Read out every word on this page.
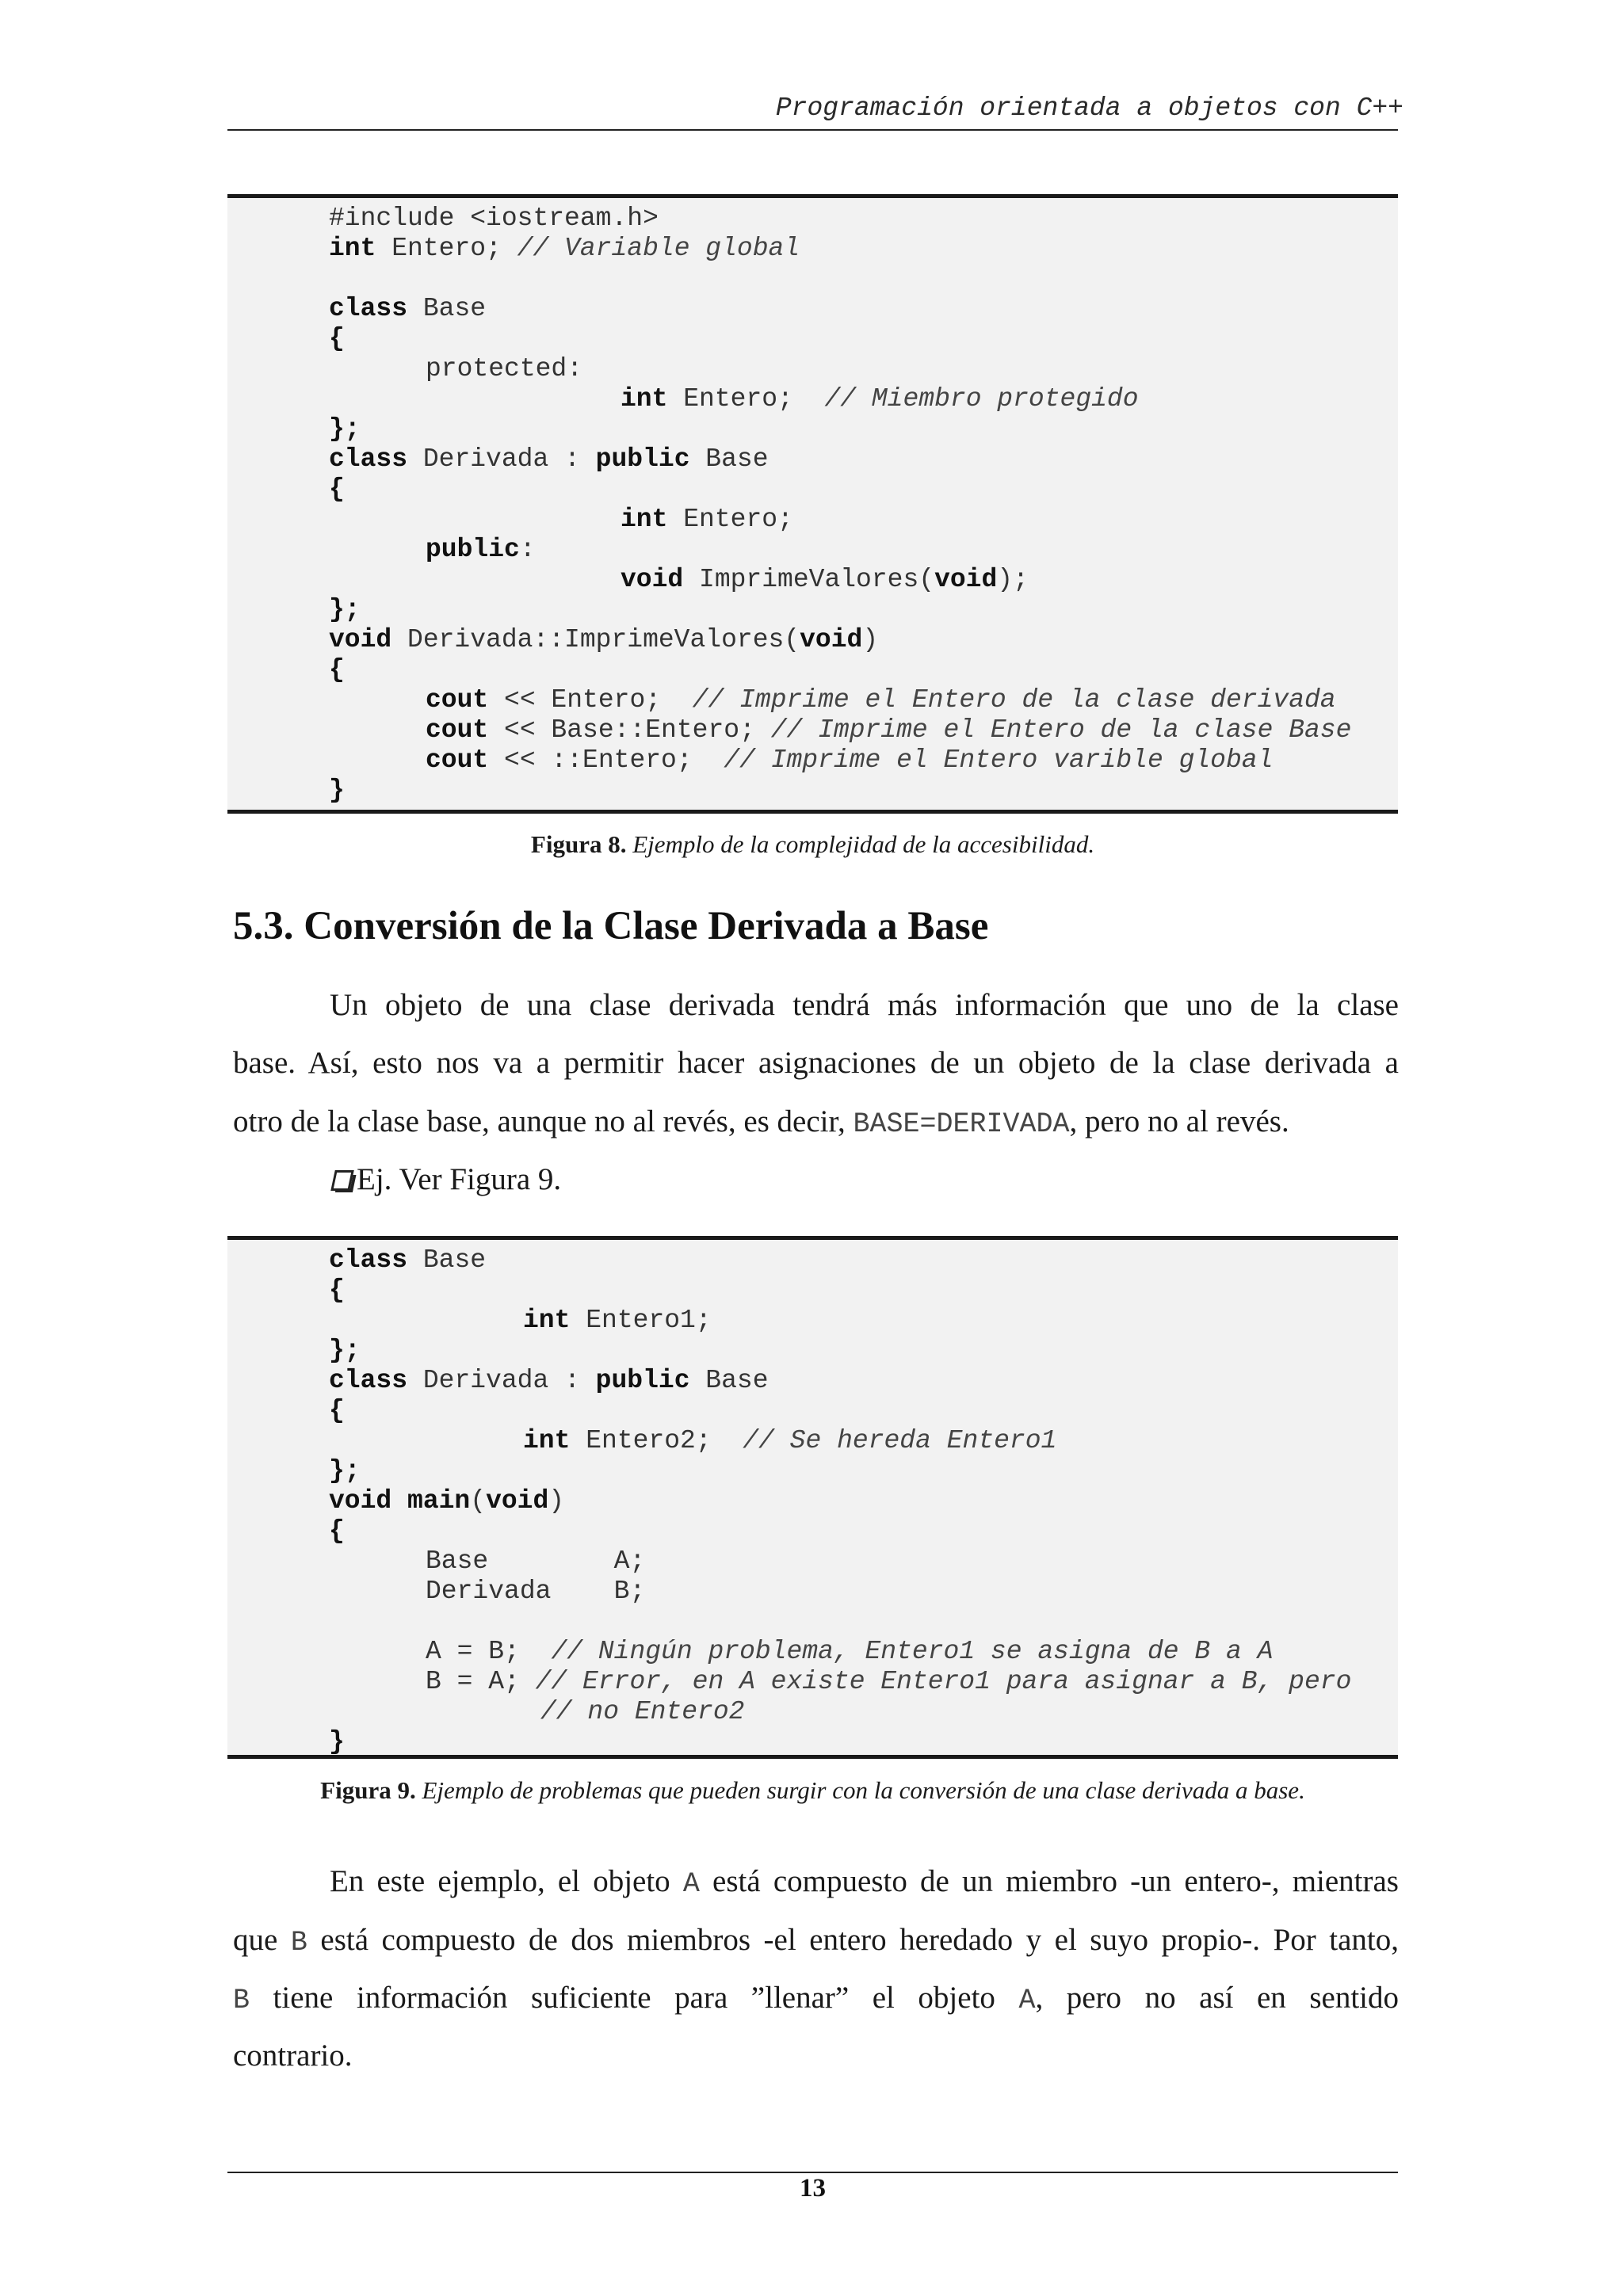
Programación orientada a objetos con C++
#include <iostream.h>
int Entero; // Variable global
class Base
{
protected:
int Entero;  // Miembro protegido
};
class Derivada : public Base
{
int Entero;
public:
void ImprimeValores(void);
};
void Derivada::ImprimeValores(void)
{
cout << Entero;  // Imprime el Entero de la clase derivada
cout << Base::Entero; // Imprime el Entero de la clase Base
cout << ::Entero;  // Imprime el Entero varible global
}
Figura 8. Ejemplo de la complejidad de la accesibilidad.
5.3. Conversión de la Clase Derivada a Base
Un objeto de una clase derivada tendrá más información que uno de la clase
base. Así, esto nos va a permitir hacer asignaciones de un objeto de la clase derivada a
otro de la clase base, aunque no al revés, es decir, BASE=DERIVADA, pero no al revés.
Ej. Ver Figura 9.
class Base
{
int Entero1;
};
class Derivada : public Base
{
int Entero2;  // Se hereda Entero1
};
void main(void)
{
Base        A;
Derivada    B;
A = B;  // Ningún problema, Entero1 se asigna de B a A
B = A; // Error, en A existe Entero1 para asignar a B, pero
// no Entero2
}
Figura 9. Ejemplo de problemas que pueden surgir con la conversión de una clase derivada a base.
En este ejemplo, el objeto A está compuesto de un miembro -un entero-, mientras
que B está compuesto de dos miembros -el entero heredado y el suyo propio-. Por tanto,
B tiene información suficiente para ”llenar” el objeto A, pero no así en sentido
contrario.
13
